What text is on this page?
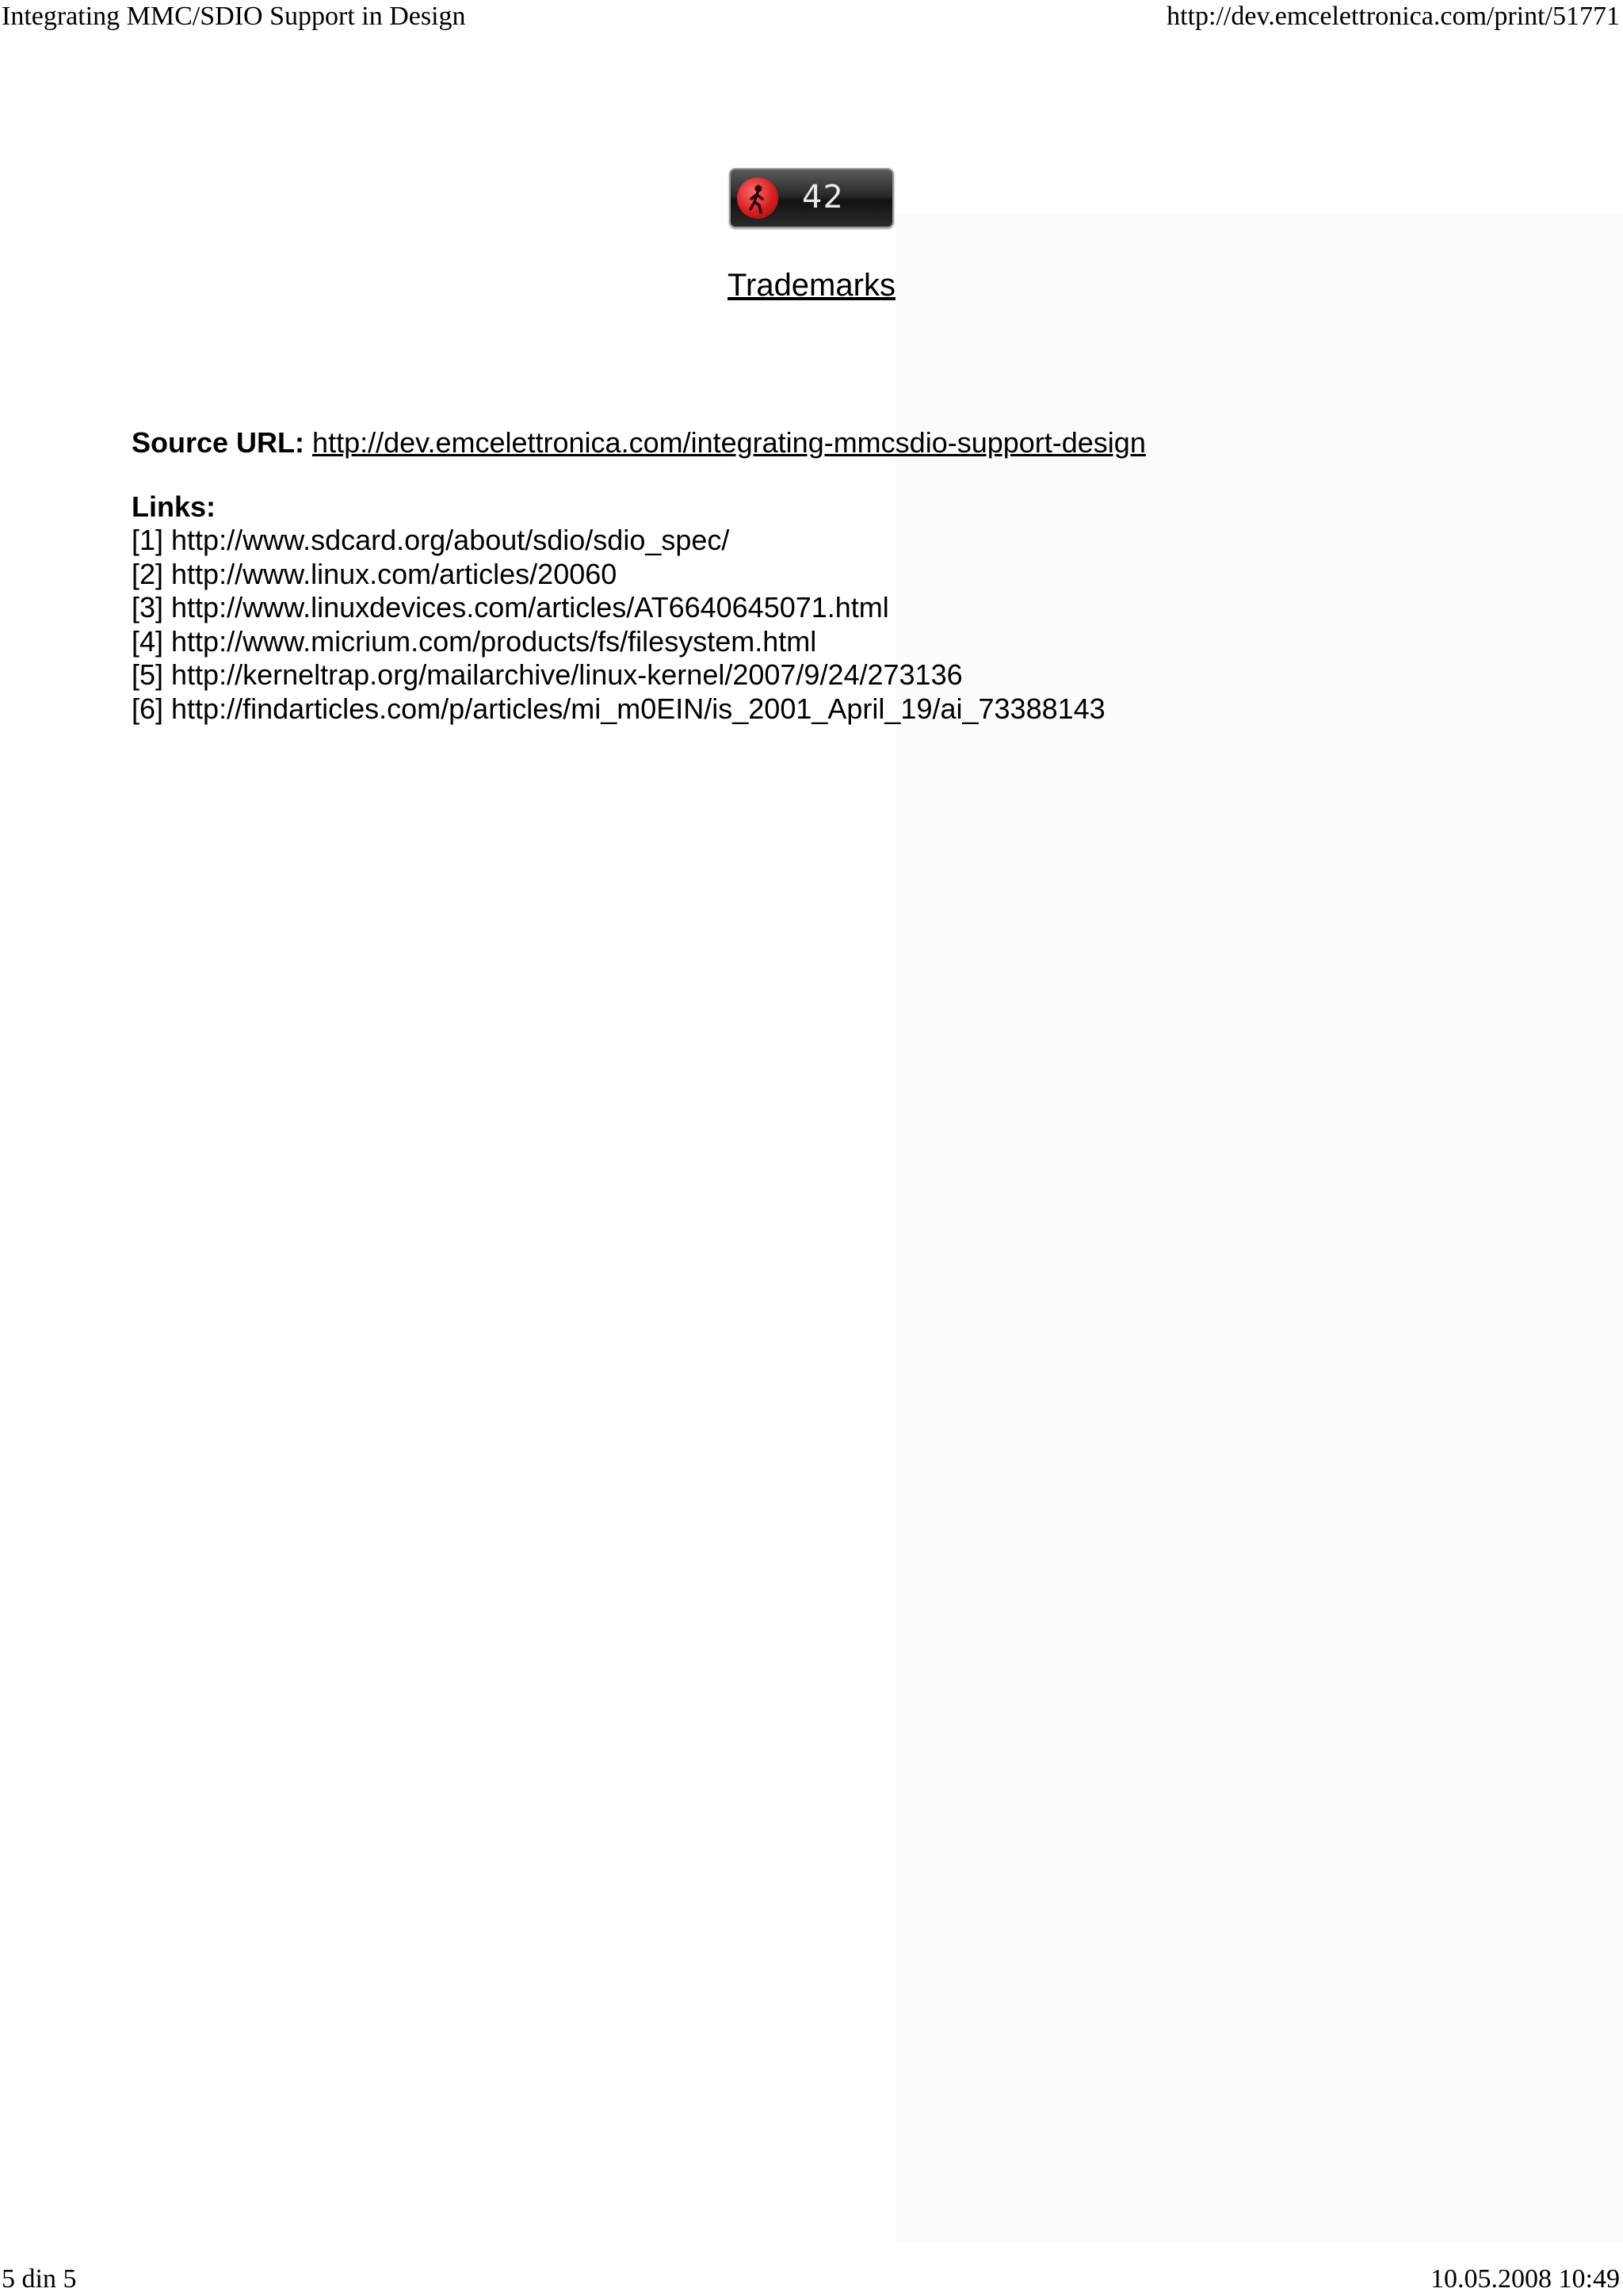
Integrating MMC/SDIO Support in Design	http://dev.emcelettronica.com/print/51771
42
Trademarks
Source URL: http://dev.emcelettronica.com/integrating-mmcsdio-support-design
Links:
[1] http://www.sdcard.org/about/sdio/sdio_spec/
[2] http://www.linux.com/articles/20060
[3] http://www.linuxdevices.com/articles/AT6640645071.html
[4] http://www.micrium.com/products/fs/filesystem.html
[5] http://kerneltrap.org/mailarchive/linux-kernel/2007/9/24/273136
[6] http://findarticles.com/p/articles/mi_m0EIN/is_2001_April_19/ai_73388143
5 din 5	10.05.2008 10:49
